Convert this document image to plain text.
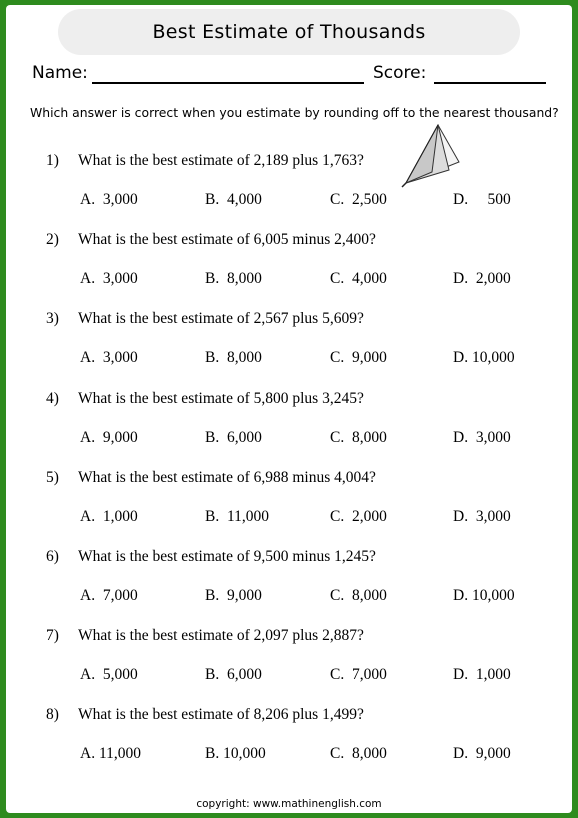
Best Estimate of Thousands
Name:	Score:
Which answer is correct when you estimate by rounding off to the nearest thousand?
1) What is the best estimate of 2,189 plus 1,763?
A.  3,000	B.  4,000	C.  2,500	D.     500
2) What is the best estimate of 6,005 minus 2,400?
A.  3,000	B.  8,000	C.  4,000	D.  2,000
3) What is the best estimate of 2,567 plus 5,609?
A.  3,000	B.  8,000	C.  9,000	D. 10,000
4) What is the best estimate of 5,800 plus 3,245?
A.  9,000	B.  6,000	C.  8,000	D.  3,000
5) What is the best estimate of 6,988 minus 4,004?
A.  1,000	B.  11,000	C.  2,000	D.  3,000
6) What is the best estimate of 9,500 minus 1,245?
A.  7,000	B.  9,000	C.  8,000	D. 10,000
7) What is the best estimate of 2,097 plus 2,887?
A.  5,000	B.  6,000	C.  7,000	D.  1,000
8) What is the best estimate of 8,206 plus 1,499?
A. 11,000	B. 10,000	C.  8,000	D.  9,000
copyright: www.mathinenglish.com
